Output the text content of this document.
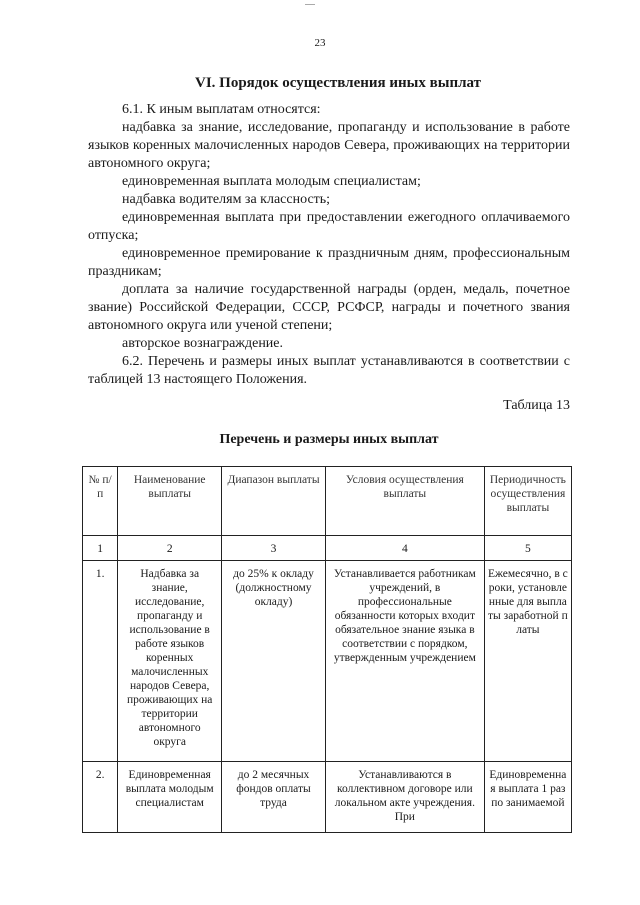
23
VI. Порядок осуществления иных выплат

6.1. К иным выплатам относятся:

надбавка за знание, исследование, пропаганду и использование в работе языков коренных малочисленных народов Севера, проживающих на территории автономного округа;

единовременная выплата молодым специалистам;

надбавка водителям за классность;

единовременная выплата при предоставлении ежегодного оплачиваемого отпуска;

единовременное премирование к праздничным дням, профессиональным праздникам;

доплата за наличие государственной награды (орден, медаль, почетное звание) Российской Федерации, СССР, РСФСР, награды и почетного звания автономного округа или ученой степени;

авторское вознаграждение.

6.2. Перечень и размеры иных выплат устанавливаются в соответствии с таблицей 13 настоящего Положения.

Таблица 13
Перечень и размеры иных выплат
№ п/п	Наименование выплаты	Диапазон выплаты	Условия осуществления выплаты	Периодичность осуществления выплаты
1	2	3	4	5
1.	Надбавка за знание, исследование, пропаганду и использование в работе языков коренных малочисленных народов Севера, проживающих на территории автономного округа	до 25% к окладу (должностному окладу)	Устанавливается работникам учреждений, в профессиональные обязанности которых входит обязательное знание языка в соответствии с порядком, утвержденным учреждением	Ежемесячно, в сроки, установленные для выплаты заработной платы
2.	Единовременная выплата молодым специалистам	до 2 месячных фондов оплаты труда	Устанавливаются в коллективном договоре или локальном акте учреждения. При	Единовременная выплата 1 раз по занимаемой
